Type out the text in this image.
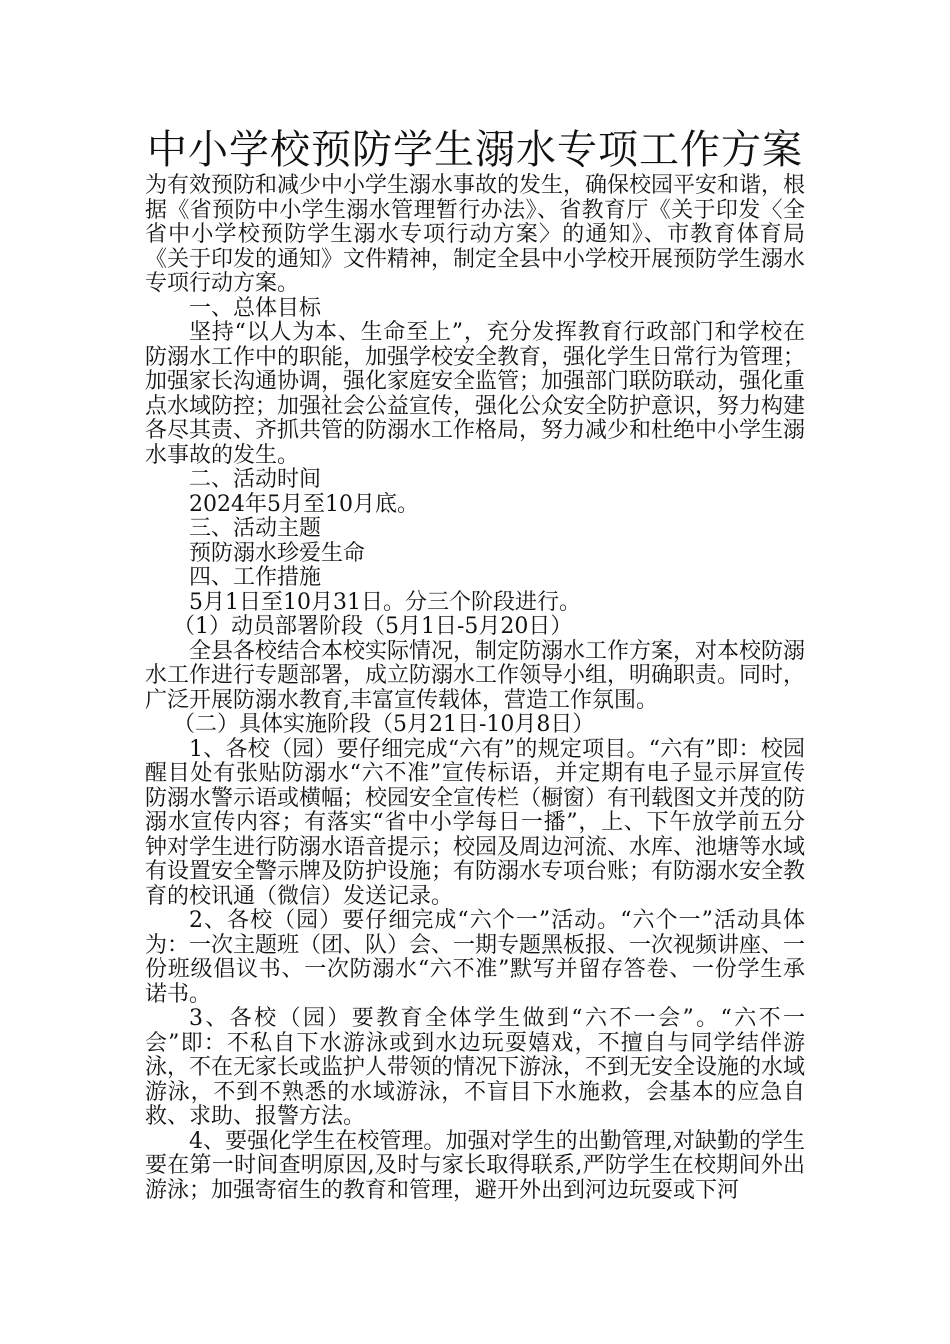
中小学校预防学生溺水专项工作方案

为有效预防和减少中小学生溺水事故的发生，确保校园平安和谐，根据《省预防中小学生溺水管理暂行办法》、省教育厅《关于印发〈全省中小学校预防学生溺水专项行动方案〉的通知》、市教育体育局《关于印发的通知》文件精神，制定全县中小学校开展预防学生溺水专项行动方案。

一、总体目标

坚持“以人为本、生命至上”，充分发挥教育行政部门和学校在防溺水工作中的职能，加强学校安全教育，强化学生日常行为管理；加强家长沟通协调，强化家庭安全监管；加强部门联防联动，强化重点水域防控；加强社会公益宣传，强化公众安全防护意识，努力构建各尽其责、齐抓共管的防溺水工作格局，努力减少和杜绝中小学生溺水事故的发生。

二、活动时间

2024年5月至10月底。

三、活动主题

预防溺水珍爱生命

四、工作措施

5月1日至10月31日。分三个阶段进行。

（1）动员部署阶段（5月1日-5月20日）

全县各校结合本校实际情况，制定防溺水工作方案，对本校防溺水工作进行专题部署，成立防溺水工作领导小组，明确职责。同时，广泛开展防溺水教育,丰富宣传载体，营造工作氛围。

（二）具体实施阶段（5月21日-10月8日）

1、各校（园）要仔细完成“六有”的规定项目。“六有”即：校园醒目处有张贴防溺水“六不准”宣传标语，并定期有电子显示屏宣传防溺水警示语或横幅；校园安全宣传栏（橱窗）有刊载图文并茂的防溺水宣传内容；有落实“省中小学每日一播”，上、下午放学前五分钟对学生进行防溺水语音提示；校园及周边河流、水库、池塘等水域有设置安全警示牌及防护设施；有防溺水专项台账；有防溺水安全教育的校讯通（微信）发送记录。

2、各校（园）要仔细完成“六个一”活动。“六个一”活动具体为：一次主题班（团、队）会、一期专题黑板报、一次视频讲座、一份班级倡议书、一次防溺水“六不准”默写并留存答卷、一份学生承诺书。

3、各校（园）要教育全体学生做到“六不一会”。“六不一会”即：不私自下水游泳或到水边玩耍嬉戏，不擅自与同学结伴游泳，不在无家长或监护人带领的情况下游泳，不到无安全设施的水域游泳，不到不熟悉的水域游泳，不盲目下水施救，会基本的应急自救、求助、报警方法。

4、要强化学生在校管理。加强对学生的出勤管理,对缺勤的学生要在第一时间查明原因,及时与家长取得联系,严防学生在校期间外出游泳；加强寄宿生的教育和管理，避开外出到河边玩耍或下河
